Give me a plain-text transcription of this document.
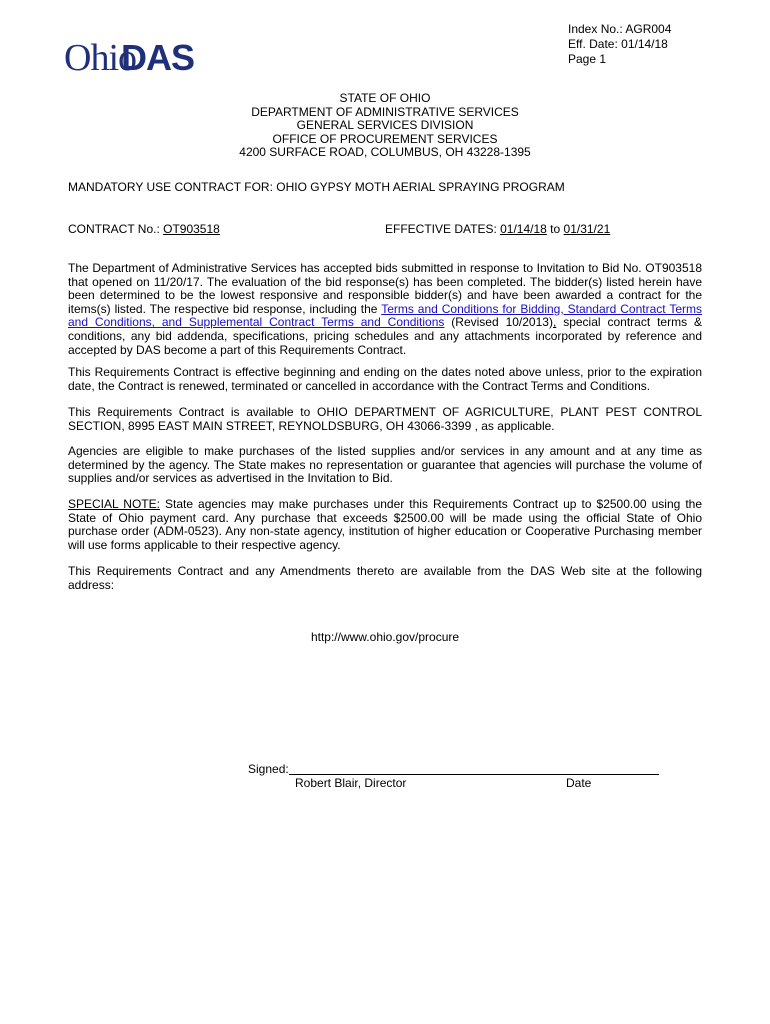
Ohio
DAS
Index No.: AGR004
Eff. Date: 01/14/18
Page 1
STATE OF OHIO
DEPARTMENT OF ADMINISTRATIVE SERVICES
GENERAL SERVICES DIVISION
OFFICE OF PROCUREMENT SERVICES
4200 SURFACE ROAD, COLUMBUS, OH 43228-1395
MANDATORY USE CONTRACT FOR: OHIO GYPSY MOTH AERIAL SPRAYING PROGRAM
CONTRACT No.: OT903518	EFFECTIVE DATES: 01/14/18 to 01/31/21
The Department of Administrative Services has accepted bids submitted in response to Invitation to Bid No. OT903518 that opened on 11/20/17. The evaluation of the bid response(s) has been completed. The bidder(s) listed herein have been determined to be the lowest responsive and responsible bidder(s) and have been awarded a contract for the items(s) listed. The respective bid response, including the Terms and Conditions for Bidding, Standard Contract Terms and Conditions, and Supplemental Contract Terms and Conditions (Revised 10/2013), special contract terms & conditions, any bid addenda, specifications, pricing schedules and any attachments incorporated by reference and accepted by DAS become a part of this Requirements Contract.
This Requirements Contract is effective beginning and ending on the dates noted above unless, prior to the expiration date, the Contract is renewed, terminated or cancelled in accordance with the Contract Terms and Conditions.
This Requirements Contract is available to OHIO DEPARTMENT OF AGRICULTURE, PLANT PEST CONTROL SECTION, 8995 EAST MAIN STREET, REYNOLDSBURG, OH 43066-3399 , as applicable.
Agencies are eligible to make purchases of the listed supplies and/or services in any amount and at any time as determined by the agency. The State makes no representation or guarantee that agencies will purchase the volume of supplies and/or services as advertised in the Invitation to Bid.
SPECIAL NOTE: State agencies may make purchases under this Requirements Contract up to $2500.00 using the State of Ohio payment card. Any purchase that exceeds $2500.00 will be made using the official State of Ohio purchase order (ADM-0523). Any non-state agency, institution of higher education or Cooperative Purchasing member will use forms applicable to their respective agency.
This Requirements Contract and any Amendments thereto are available from the DAS Web site at the following address:
http://www.ohio.gov/procure
Signed:
Robert Blair, Director	Date
